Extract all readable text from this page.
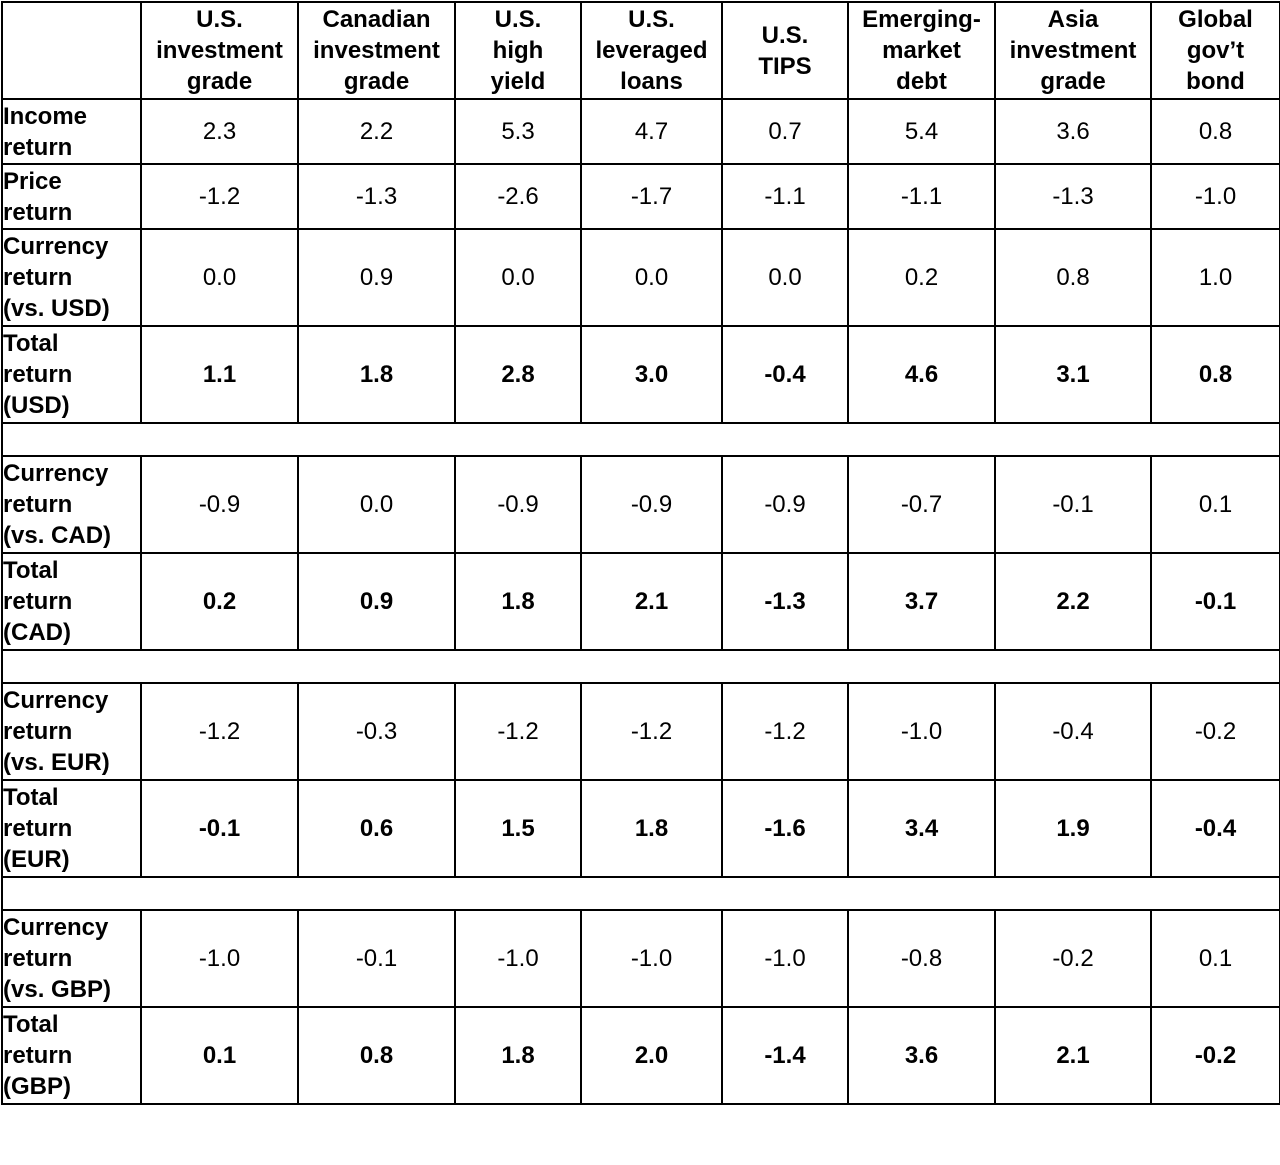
	U.S.
investment
grade	Canadian
investment
grade	U.S.
high
yield	U.S.
leveraged
loans	U.S.
TIPS	Emerging-
market
debt	Asia
investment
grade	Global
gov’t
bond
Income
return	2.3	2.2	5.3	4.7	0.7	5.4	3.6	0.8
Price
return	-1.2	-1.3	-2.6	-1.7	-1.1	-1.1	-1.3	-1.0
Currency
return
(vs. USD)	0.0	0.9	0.0	0.0	0.0	0.2	0.8	1.0
Total
return
(USD)	1.1	1.8	2.8	3.0	-0.4	4.6	3.1	0.8

Currency
return
(vs. CAD)	-0.9	0.0	-0.9	-0.9	-0.9	-0.7	-0.1	0.1
Total
return
(CAD)	0.2	0.9	1.8	2.1	-1.3	3.7	2.2	-0.1

Currency
return
(vs. EUR)	-1.2	-0.3	-1.2	-1.2	-1.2	-1.0	-0.4	-0.2
Total
return
(EUR)	-0.1	0.6	1.5	1.8	-1.6	3.4	1.9	-0.4

Currency
return
(vs. GBP)	-1.0	-0.1	-1.0	-1.0	-1.0	-0.8	-0.2	0.1
Total
return
(GBP)	0.1	0.8	1.8	2.0	-1.4	3.6	2.1	-0.2
